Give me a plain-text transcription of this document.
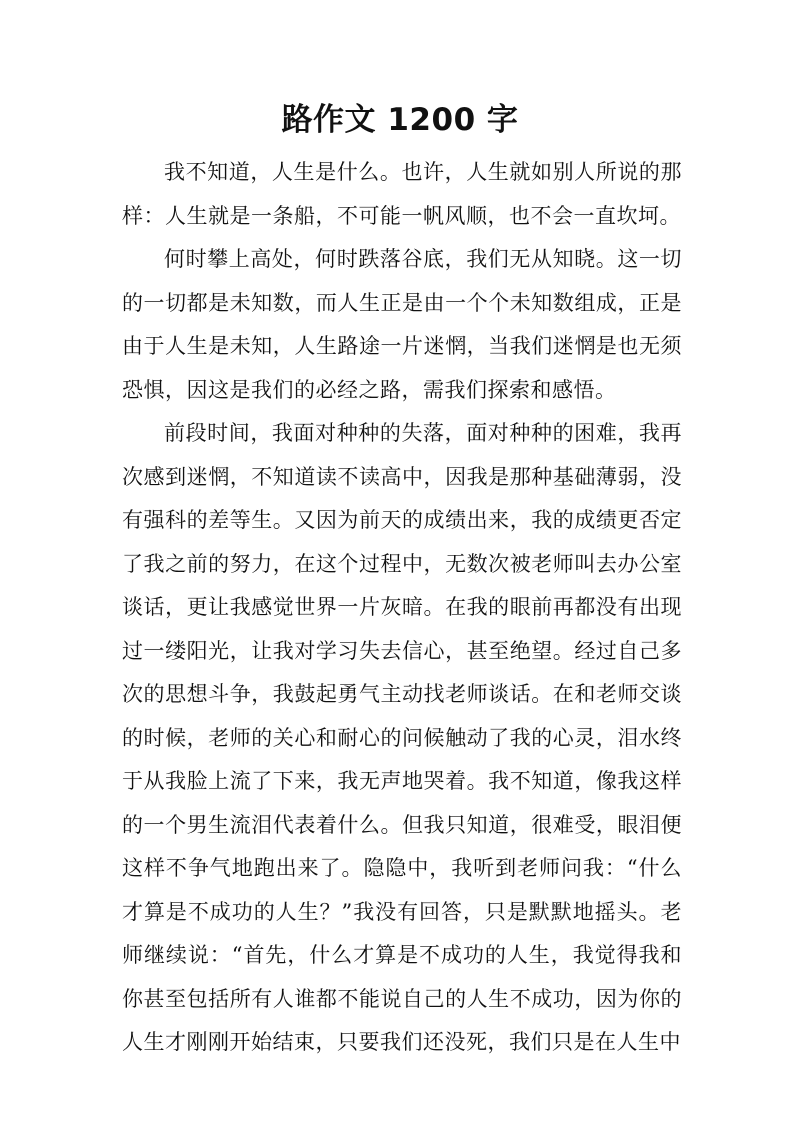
路作文 1200 字

我不知道，人生是什么。也许，人生就如别人所说的那样：人生就是一条船，不可能一帆风顺，也不会一直坎坷。

何时攀上高处，何时跌落谷底，我们无从知晓。这一切的一切都是未知数，而人生正是由一个个未知数组成，正是由于人生是未知，人生路途一片迷惘，当我们迷惘是也无须恐惧，因这是我们的必经之路，需我们探索和感悟。

前段时间，我面对种种的失落，面对种种的困难，我再次感到迷惘，不知道读不读高中，因我是那种基础薄弱，没有强科的差等生。又因为前天的成绩出来，我的成绩更否定了我之前的努力，在这个过程中，无数次被老师叫去办公室谈话，更让我感觉世界一片灰暗。在我的眼前再都没有出现过一缕阳光，让我对学习失去信心，甚至绝望。经过自己多次的思想斗争，我鼓起勇气主动找老师谈话。在和老师交谈的时候，老师的关心和耐心的问候触动了我的心灵，泪水终于从我脸上流了下来，我无声地哭着。我不知道，像我这样的一个男生流泪代表着什么。但我只知道，很难受，眼泪便这样不争气地跑出来了。隐隐中，我听到老师问我：“什么才算是不成功的人生？”我没有回答，只是默默地摇头。老师继续说：“首先，什么才算是不成功的人生，我觉得我和你甚至包括所有人谁都不能说自己的人生不成功，因为你的人生才刚刚开始结束，只要我们还没死，我们只是在人生中
